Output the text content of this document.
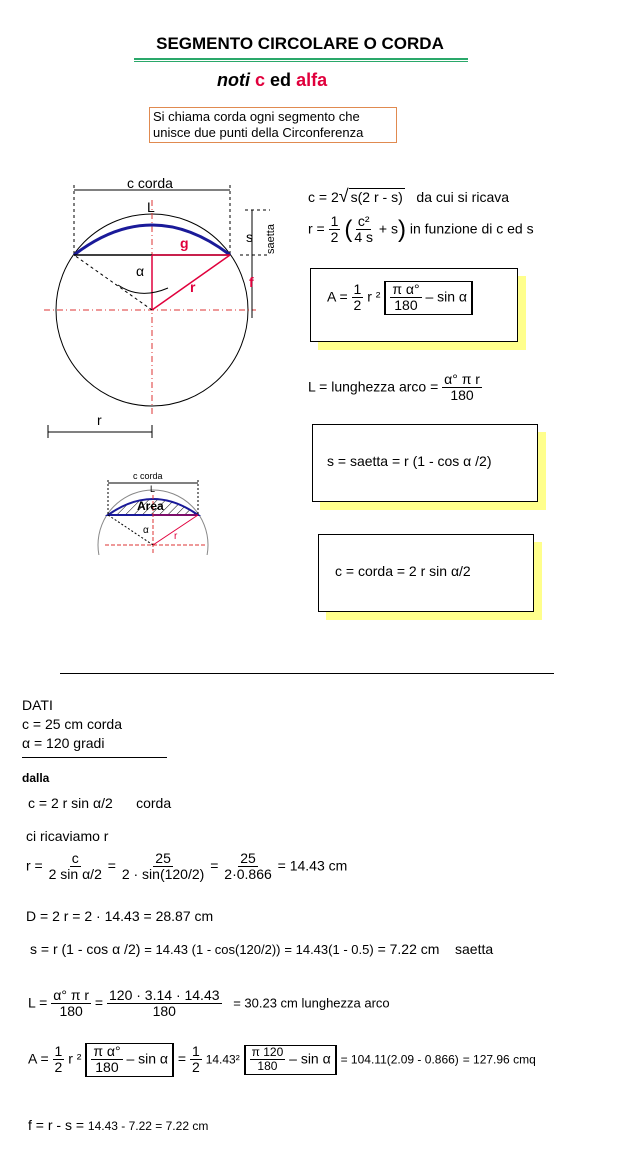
SEGMENTO CIRCOLARE O CORDA
noti c ed alfa
Si chiama corda ogni segmento che unisce due punti della Circonferenza
c corda
L
g	s saetta
α
r	f
r
c corda
L
Area
α
r
c = 2√ s(2 r - s) da cui si ricava
$r = \frac{1}{2}$ ( $\frac{\text{c²}}{4 s} + s$) in funzione di c ed s
$A = \frac{1}{2}$ r $^2 \frac{\text{π α°}}{180}$ – sin α
L = lunghezza arco = $\frac{\text{α° π r}}{180}$
s = saetta = r (1 - cos α /2)
c = corda = 2 r sin α/2
DATI
c = 25 cm corda
α = 120 gradi
dalla
c = 2 r sin α/2 corda
ci ricaviamo r
$r = \frac{c}{\text{2 sin α/2}} = \frac{25}{2 \cdot \sin(120/2)} = \frac{25}{2\cdot 0.866} = 14.43$ cm
D = 2 r = 2 · 14.43 = 28.87 cm
s = r (1 - cos α /2) = 14.43 (1 - cos(120/2)) = 14.43(1 - 0.5) = 7.22 cm saetta
$L = \frac{\text{α° π r}}{180} = \frac{120 \cdot 3.14 \cdot 14.43}{180} = 30.23$ cm lunghezza arco
$A = \frac{1}{2}$ r $^2 \frac{\text{π α°}}{180} - \sin \alpha = \frac{1}{2} 14.43^2 \frac{\pi 120}{180} - \sin \alpha = 104.11(2.09 - 0.866) = 127.96$ cmq
f = r - s = 14.43 - 7.22 = 7.22 cm
